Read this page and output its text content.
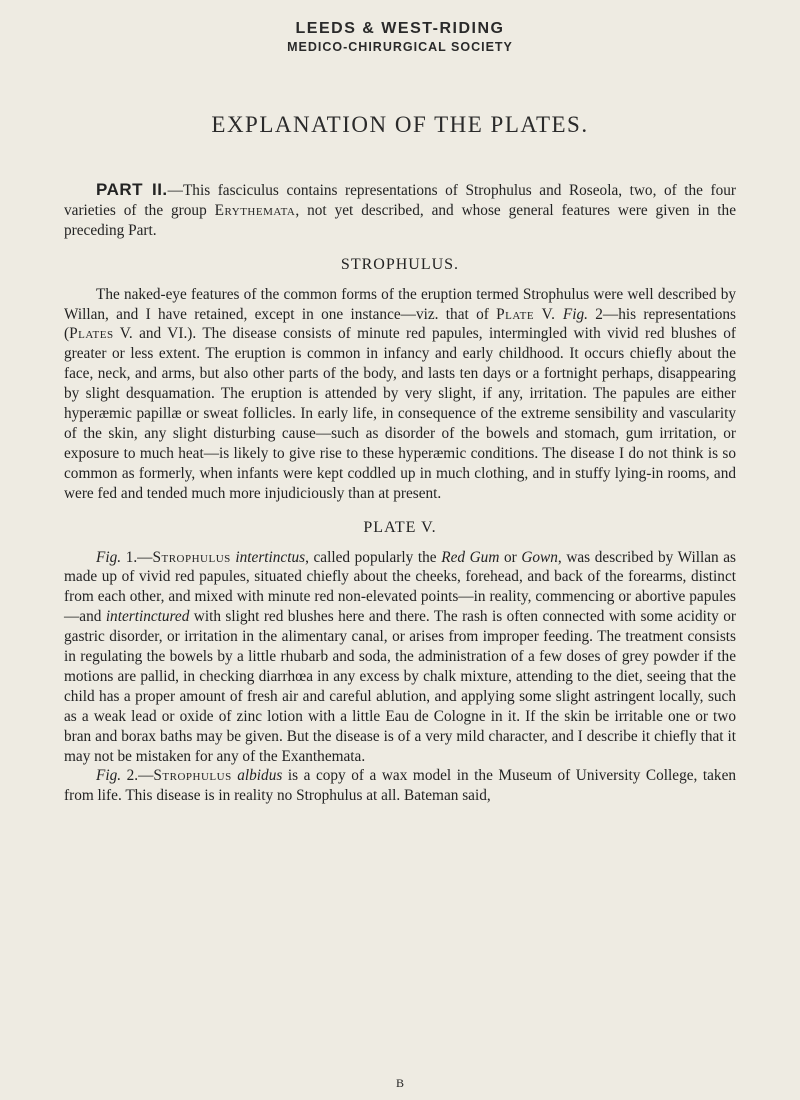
LEEDS & WEST-RIDING
MEDICO-CHIRURGICAL SOCIETY
EXPLANATION OF THE PLATES.

PART II.—This fasciculus contains representations of Strophulus and Roseola, two, of the four varieties of the group Erythemata, not yet described, and whose general features were given in the preceding Part.

STROPHULUS.

The naked-eye features of the common forms of the eruption termed Strophulus were well described by Willan, and I have retained, except in one instance—viz. that of Plate V. Fig. 2—his representations (Plates V. and VI.). The disease consists of minute red papules, intermingled with vivid red blushes of greater or less extent. The eruption is common in infancy and early childhood. It occurs chiefly about the face, neck, and arms, but also other parts of the body, and lasts ten days or a fortnight perhaps, disappearing by slight desquamation. The eruption is attended by very slight, if any, irritation. The papules are either hyperæmic papillæ or sweat follicles. In early life, in consequence of the extreme sensibility and vascularity of the skin, any slight disturbing cause—such as disorder of the bowels and stomach, gum irritation, or exposure to much heat—is likely to give rise to these hyperæmic conditions. The disease I do not think is so common as formerly, when infants were kept coddled up in much clothing, and in stuffy lying-in rooms, and were fed and tended much more injudiciously than at present.

PLATE V.

Fig. 1.—Strophulus intertinctus, called popularly the Red Gum or Gown, was described by Willan as made up of vivid red papules, situated chiefly about the cheeks, forehead, and back of the forearms, distinct from each other, and mixed with minute red non-elevated points—in reality, commencing or abortive papules—and intertinctured with slight red blushes here and there. The rash is often connected with some acidity or gastric disorder, or irritation in the alimentary canal, or arises from improper feeding. The treatment consists in regulating the bowels by a little rhubarb and soda, the administration of a few doses of grey powder if the motions are pallid, in checking diarrhœa in any excess by chalk mixture, attending to the diet, seeing that the child has a proper amount of fresh air and careful ablution, and applying some slight astringent locally, such as a weak lead or oxide of zinc lotion with a little Eau de Cologne in it. If the skin be irritable one or two bran and borax baths may be given. But the disease is of a very mild character, and I describe it chiefly that it may not be mistaken for any of the Exanthemata.

Fig. 2.—Strophulus albidus is a copy of a wax model in the Museum of University College, taken from life. This disease is in reality no Strophulus at all. Bateman said,

B
